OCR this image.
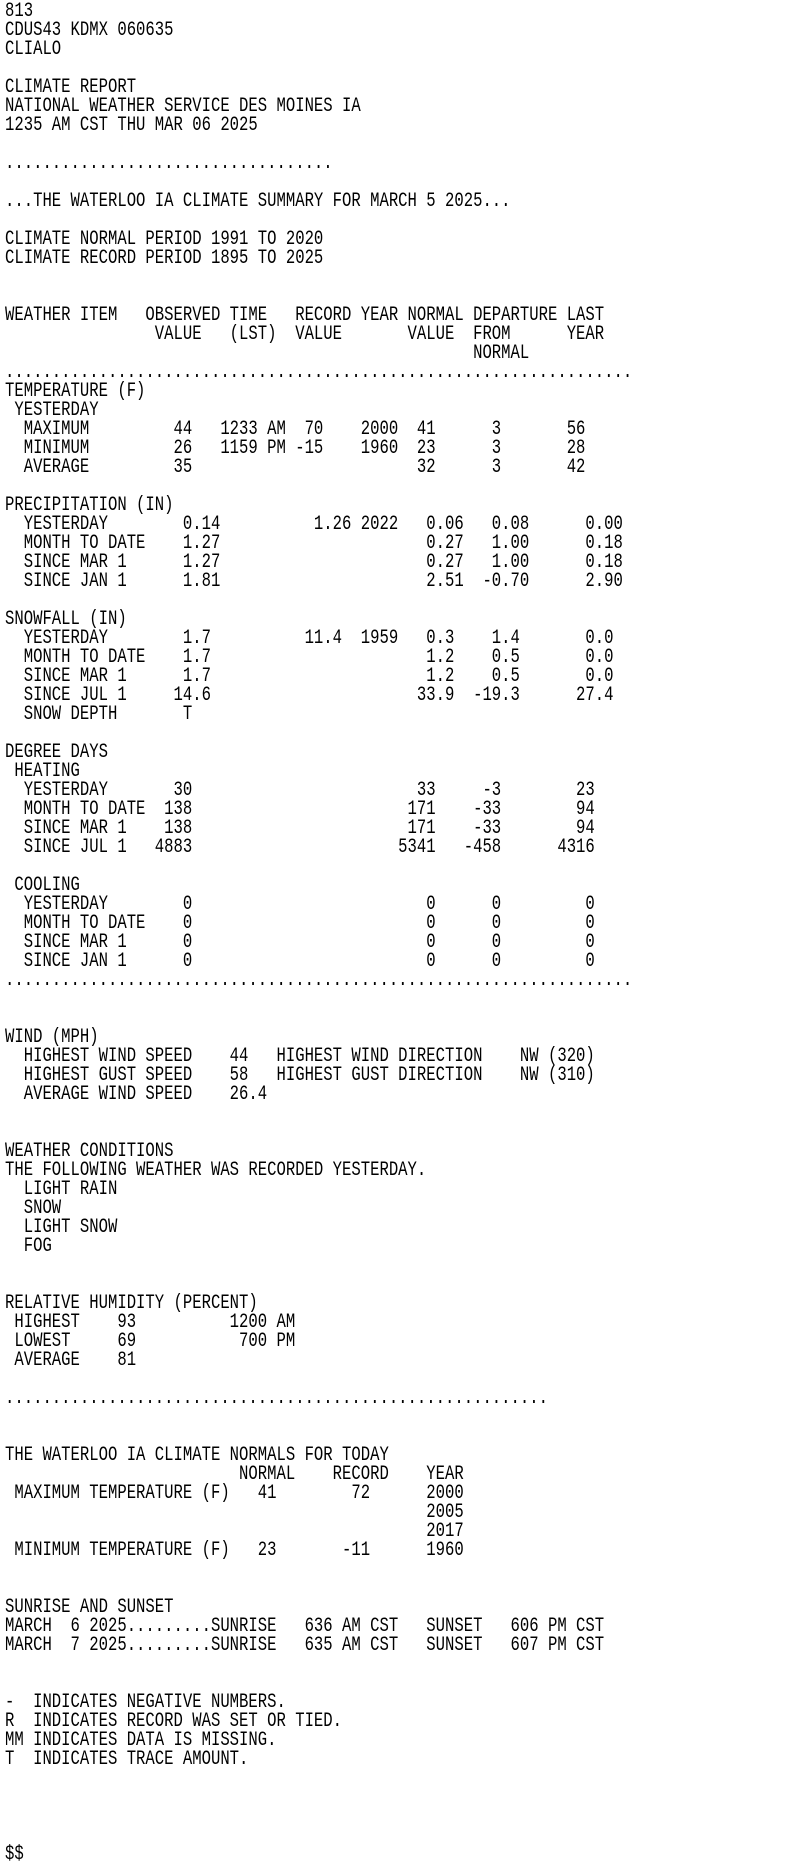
813
CDUS43 KDMX 060635
CLIALO
CLIMATE REPORT
NATIONAL WEATHER SERVICE DES MOINES IA
1235 AM CST THU MAR 06 2025
...................................
...THE WATERLOO IA CLIMATE SUMMARY FOR MARCH 5 2025...
CLIMATE NORMAL PERIOD 1991 TO 2020
CLIMATE RECORD PERIOD 1895 TO 2025
WEATHER ITEM   OBSERVED TIME   RECORD YEAR NORMAL DEPARTURE LAST
VALUE   (LST)  VALUE       VALUE  FROM      YEAR
NORMAL
...................................................................
TEMPERATURE (F)
YESTERDAY
MAXIMUM         44   1233 AM  70    2000  41      3       56
MINIMUM         26   1159 PM -15    1960  23      3       28
AVERAGE         35                        32      3       42
PRECIPITATION (IN)
YESTERDAY        0.14          1.26 2022   0.06   0.08      0.00
MONTH TO DATE    1.27                      0.27   1.00      0.18
SINCE MAR 1      1.27                      0.27   1.00      0.18
SINCE JAN 1      1.81                      2.51  -0.70      2.90
SNOWFALL (IN)
YESTERDAY        1.7          11.4  1959   0.3    1.4       0.0
MONTH TO DATE    1.7                       1.2    0.5       0.0
SINCE MAR 1      1.7                       1.2    0.5       0.0
SINCE JUL 1     14.6                      33.9  -19.3      27.4
SNOW DEPTH       T
DEGREE DAYS
HEATING
YESTERDAY       30                        33     -3        23
MONTH TO DATE  138                       171    -33        94
SINCE MAR 1    138                       171    -33        94
SINCE JUL 1   4883                      5341   -458      4316
COOLING
YESTERDAY        0                         0      0         0
MONTH TO DATE    0                         0      0         0
SINCE MAR 1      0                         0      0         0
SINCE JAN 1      0                         0      0         0
...................................................................
WIND (MPH)
HIGHEST WIND SPEED    44   HIGHEST WIND DIRECTION    NW (320)
HIGHEST GUST SPEED    58   HIGHEST GUST DIRECTION    NW (310)
AVERAGE WIND SPEED    26.4
WEATHER CONDITIONS
THE FOLLOWING WEATHER WAS RECORDED YESTERDAY.
LIGHT RAIN
SNOW
LIGHT SNOW
FOG
RELATIVE HUMIDITY (PERCENT)
HIGHEST    93          1200 AM
LOWEST     69           700 PM
AVERAGE    81
..........................................................
THE WATERLOO IA CLIMATE NORMALS FOR TODAY
NORMAL    RECORD    YEAR
MAXIMUM TEMPERATURE (F)   41        72      2000
2005
2017
MINIMUM TEMPERATURE (F)   23       -11      1960
SUNRISE AND SUNSET
MARCH  6 2025.........SUNRISE   636 AM CST   SUNSET   606 PM CST
MARCH  7 2025.........SUNRISE   635 AM CST   SUNSET   607 PM CST
-  INDICATES NEGATIVE NUMBERS.
R  INDICATES RECORD WAS SET OR TIED.
MM INDICATES DATA IS MISSING.
T  INDICATES TRACE AMOUNT.
$$
